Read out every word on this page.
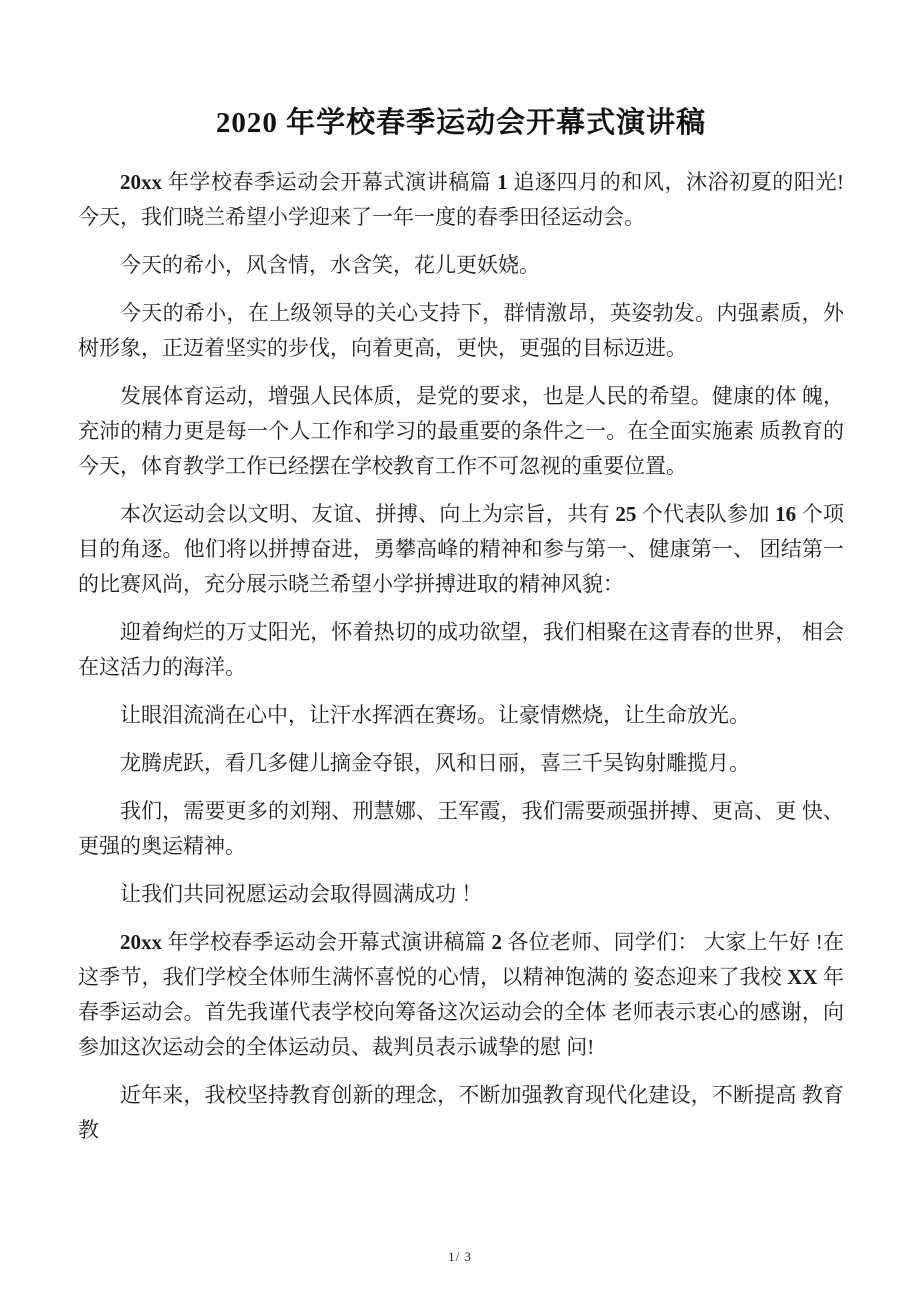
2020 年学校春季运动会开幕式演讲稿

20xx 年学校春季运动会开幕式演讲稿篇 1 追逐四月的和风，沐浴初夏的阳光!今天，我们晓兰希望小学迎来了一年一度的春季田径运动会。

今天的希小，风含情，水含笑，花儿更妖娆。

今天的希小，在上级领导的关心支持下，群情激昂，英姿勃发。内强素质，外树形象，正迈着坚实的步伐，向着更高，更快，更强的目标迈进。

发展体育运动，增强人民体质，是党的要求，也是人民的希望。健康的体 魄，充沛的精力更是每一个人工作和学习的最重要的条件之一。在全面实施素 质教育的今天，体育教学工作已经摆在学校教育工作不可忽视的重要位置。

本次运动会以文明、友谊、拼搏、向上为宗旨，共有 25 个代表队参加 16 个项目的角逐。他们将以拼搏奋进，勇攀高峰的精神和参与第一、健康第一、 团结第一的比赛风尚，充分展示晓兰希望小学拼搏进取的精神风貌：

迎着绚烂的万丈阳光，怀着热切的成功欲望，我们相聚在这青春的世界， 相会在这活力的海洋。

让眼泪流淌在心中，让汗水挥洒在赛场。让豪情燃烧，让生命放光。

龙腾虎跃，看几多健儿摘金夺银，风和日丽，喜三千吴钩射雕揽月。

我们，需要更多的刘翔、刑慧娜、王军霞，我们需要顽强拼搏、更高、更 快、更强的奥运精神。

让我们共同祝愿运动会取得圆满成功 ！

20xx 年学校春季运动会开幕式演讲稿篇 2 各位老师、同学们： 大家上午好 !在这季节，我们学校全体师生满怀喜悦的心情，以精神饱满的 姿态迎来了我校 XX 年春季运动会。首先我谨代表学校向筹备这次运动会的全体 老师表示衷心的感谢，向参加这次运动会的全体运动员、裁判员表示诚挚的慰 问!

近年来，我校坚持教育创新的理念，不断加强教育现代化建设，不断提高 教育教

1/ 3
